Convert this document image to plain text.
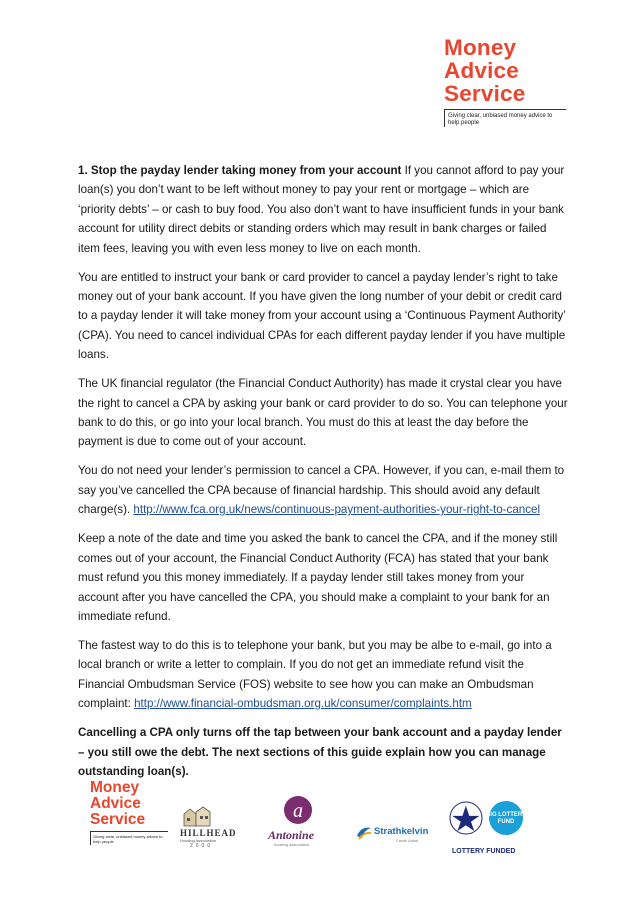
Money
Advice
Service
Giving clear, unbiased money advice to help people

1. Stop the payday lender taking money from your account If you cannot afford to pay your loan(s) you don’t want to be left without money to pay your rent or mortgage – which are ‘priority debts’ – or cash to buy food. You also don’t want to have insufficient funds in your bank account for utility direct debits or standing orders which may result in bank charges or failed item fees, leaving you with even less money to live on each month.

You are entitled to instruct your bank or card provider to cancel a payday lender’s right to take money out of your bank account. If you have given the long number of your debit or credit card to a payday lender it will take money from your account using a ‘Continuous Payment Authority’ (CPA). You need to cancel individual CPAs for each different payday lender if you have multiple loans.

The UK financial regulator (the Financial Conduct Authority) has made it crystal clear you have the right to cancel a CPA by asking your bank or card provider to do so. You can telephone your bank to do this, or go into your local branch. You must do this at least the day before the payment is due to come out of your account.

You do not need your lender’s permission to cancel a CPA. However, if you can, e-mail them to say you’ve cancelled the CPA because of financial hardship. This should avoid any default charge(s). http://www.fca.org.uk/news/continuous-payment-authorities-your-right-to-cancel

Keep a note of the date and time you asked the bank to cancel the CPA, and if the money still comes out of your account, the Financial Conduct Authority (FCA) has stated that your bank must refund you this money immediately. If a payday lender still takes money from your account after you have cancelled the CPA, you should make a complaint to your bank for an immediate refund.

The fastest way to do this is to telephone your bank, but you may be albe to e-mail, go into a local branch or write a letter to complain. If you do not get an immediate refund visit the Financial Ombudsman Service (FOS) website to see how you can make an Ombudsman complaint: http://www.financial-ombudsman.org.uk/consumer/complaints.htm

Cancelling a CPA only turns off the tap between your bank account and a payday lender – you still owe the debt. The next sections of this guide explain how you can manage outstanding loan(s).

Money
Advice
Service
Giving clear, unbiased money advice to help people
HILLHEAD
Housing Association
2000
a
Antonine
housing association
Strathkelvin
Credit Union
BIG LOTTERY
FUND
LOTTERY FUNDED
